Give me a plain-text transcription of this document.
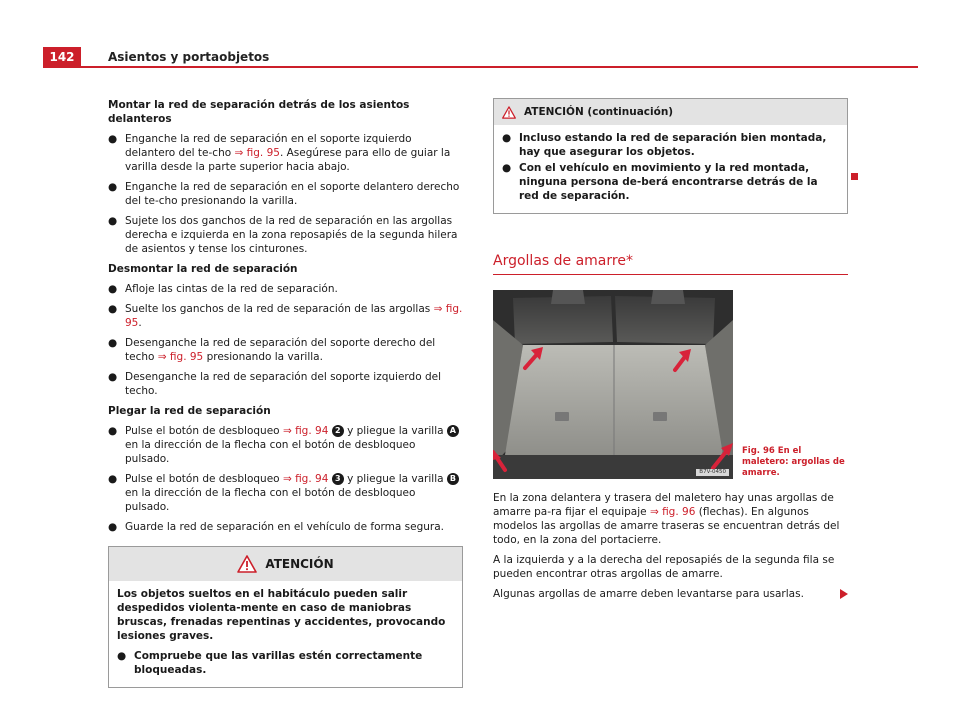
142	Asientos y portaobjetos
Montar la red de separación detrás de los asientos delanteros
● Enganche la red de separación en el soporte izquierdo delantero del te-cho ⇒ fig. 95. Asegúrese para ello de guiar la varilla desde la parte superior hacia abajo.
● Enganche la red de separación en el soporte delantero derecho del te-cho presionando la varilla.
● Sujete los dos ganchos de la red de separación en las argollas derecha e izquierda en la zona reposapiés de la segunda hilera de asientos y tense los cinturones.
Desmontar la red de separación
● Afloje las cintas de la red de separación.
● Suelte los ganchos de la red de separación de las argollas ⇒ fig. 95.
● Desenganche la red de separación del soporte derecho del techo ⇒ fig. 95 presionando la varilla.
● Desenganche la red de separación del soporte izquierdo del techo.
Plegar la red de separación
● Pulse el botón de desbloqueo ⇒ fig. 94 2 y pliegue la varilla A en la dirección de la flecha con el botón de desbloqueo pulsado.
● Pulse el botón de desbloqueo ⇒ fig. 94 3 y pliegue la varilla B en la dirección de la flecha con el botón de desbloqueo pulsado.
● Guarde la red de separación en el vehículo de forma segura.
ATENCIÓN
Los objetos sueltos en el habitáculo pueden salir despedidos violenta-mente en caso de maniobras bruscas, frenadas repentinas y accidentes, provocando lesiones graves.
● Compruebe que las varillas estén correctamente bloqueadas.
ATENCIÓN (continuación)
● Incluso estando la red de separación bien montada, hay que asegurar los objetos.
● Con el vehículo en movimiento y la red montada, ninguna persona de-berá encontrarse detrás de la red de separación.
Argollas de amarre*
B7V-0450
Fig. 96 En el maletero: argollas de amarre.
En la zona delantera y trasera del maletero hay unas argollas de amarre pa-ra fijar el equipaje ⇒ fig. 96 (flechas). En algunos modelos las argollas de amarre traseras se encuentran detrás del todo, en la zona del portacierre.
A la izquierda y a la derecha del reposapiés de la segunda fila se pueden encontrar otras argollas de amarre.
Algunas argollas de amarre deben levantarse para usarlas.
